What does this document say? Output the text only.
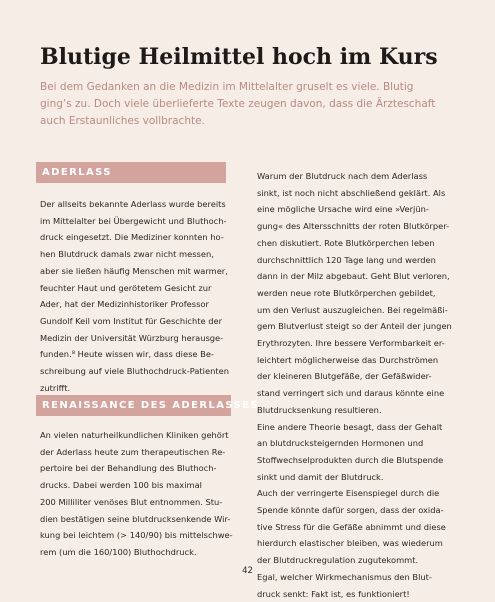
Blutige Heilmittel hoch im Kurs
Bei dem Gedanken an die Medizin im Mittelalter gruselt es viele. Blutig
ging’s zu. Doch viele überlieferte Texte zeugen davon, dass die Ärzteschaft
auch Erstaunliches vollbrachte.
ADERLASS
Der allseits bekannte Aderlass wurde bereits
im Mittelalter bei Übergewicht und Bluthoch-
druck eingesetzt. Die Mediziner konnten ho-
hen Blutdruck damals zwar nicht messen,
aber sie ließen häufig Menschen mit warmer,
feuchter Haut und gerötetem Gesicht zur
Ader, hat der Medizinhistoriker Professor
Gundolf Keil vom Institut für Geschichte der
Medizin der Universität Würzburg herausge-
funden.⁸ Heute wissen wir, dass diese Be-
schreibung auf viele Bluthochdruck-Patienten
zutrifft.
RENAISSANCE DES ADERLASSES
An vielen naturheilkundlichen Kliniken gehört
der Aderlass heute zum therapeutischen Re-
pertoire bei der Behandlung des Bluthoch-
drucks. Dabei werden 100 bis maximal
200 Milliliter venöses Blut entnommen. Stu-
dien bestätigen seine blutdrucksenkende Wir-
kung bei leichtem (> 140/90) bis mittelschwe-
rem (um die 160/100) Bluthochdruck.
Warum der Blutdruck nach dem Aderlass
sinkt, ist noch nicht abschließend geklärt. Als
eine mögliche Ursache wird eine »Verjün-
gung« des Altersschnitts der roten Blutkörper-
chen diskutiert. Rote Blutkörperchen leben
durchschnittlich 120 Tage lang und werden
dann in der Milz abgebaut. Geht Blut verloren,
werden neue rote Blutkörperchen gebildet,
um den Verlust auszugleichen. Bei regelmäßi-
gem Blutverlust steigt so der Anteil der jungen
Erythrozyten. Ihre bessere Verformbarkeit er-
leichtert möglicherweise das Durchströmen
der kleineren Blutgefäße, der Gefäßwider-
stand verringert sich und daraus könnte eine
Blutdrucksenkung resultieren.
Eine andere Theorie besagt, dass der Gehalt
an blutdrucksteigernden Hormonen und
Stoffwechselprodukten durch die Blutspende
sinkt und damit der Blutdruck.
Auch der verringerte Eisenspiegel durch die
Spende könnte dafür sorgen, dass der oxida-
tive Stress für die Gefäße abnimmt und diese
hierdurch elastischer bleiben, was wiederum
der Blutdruckregulation zugutekommt.
Egal, welcher Wirkmechanismus den Blut-
druck senkt: Fakt ist, es funktioniert!
42
